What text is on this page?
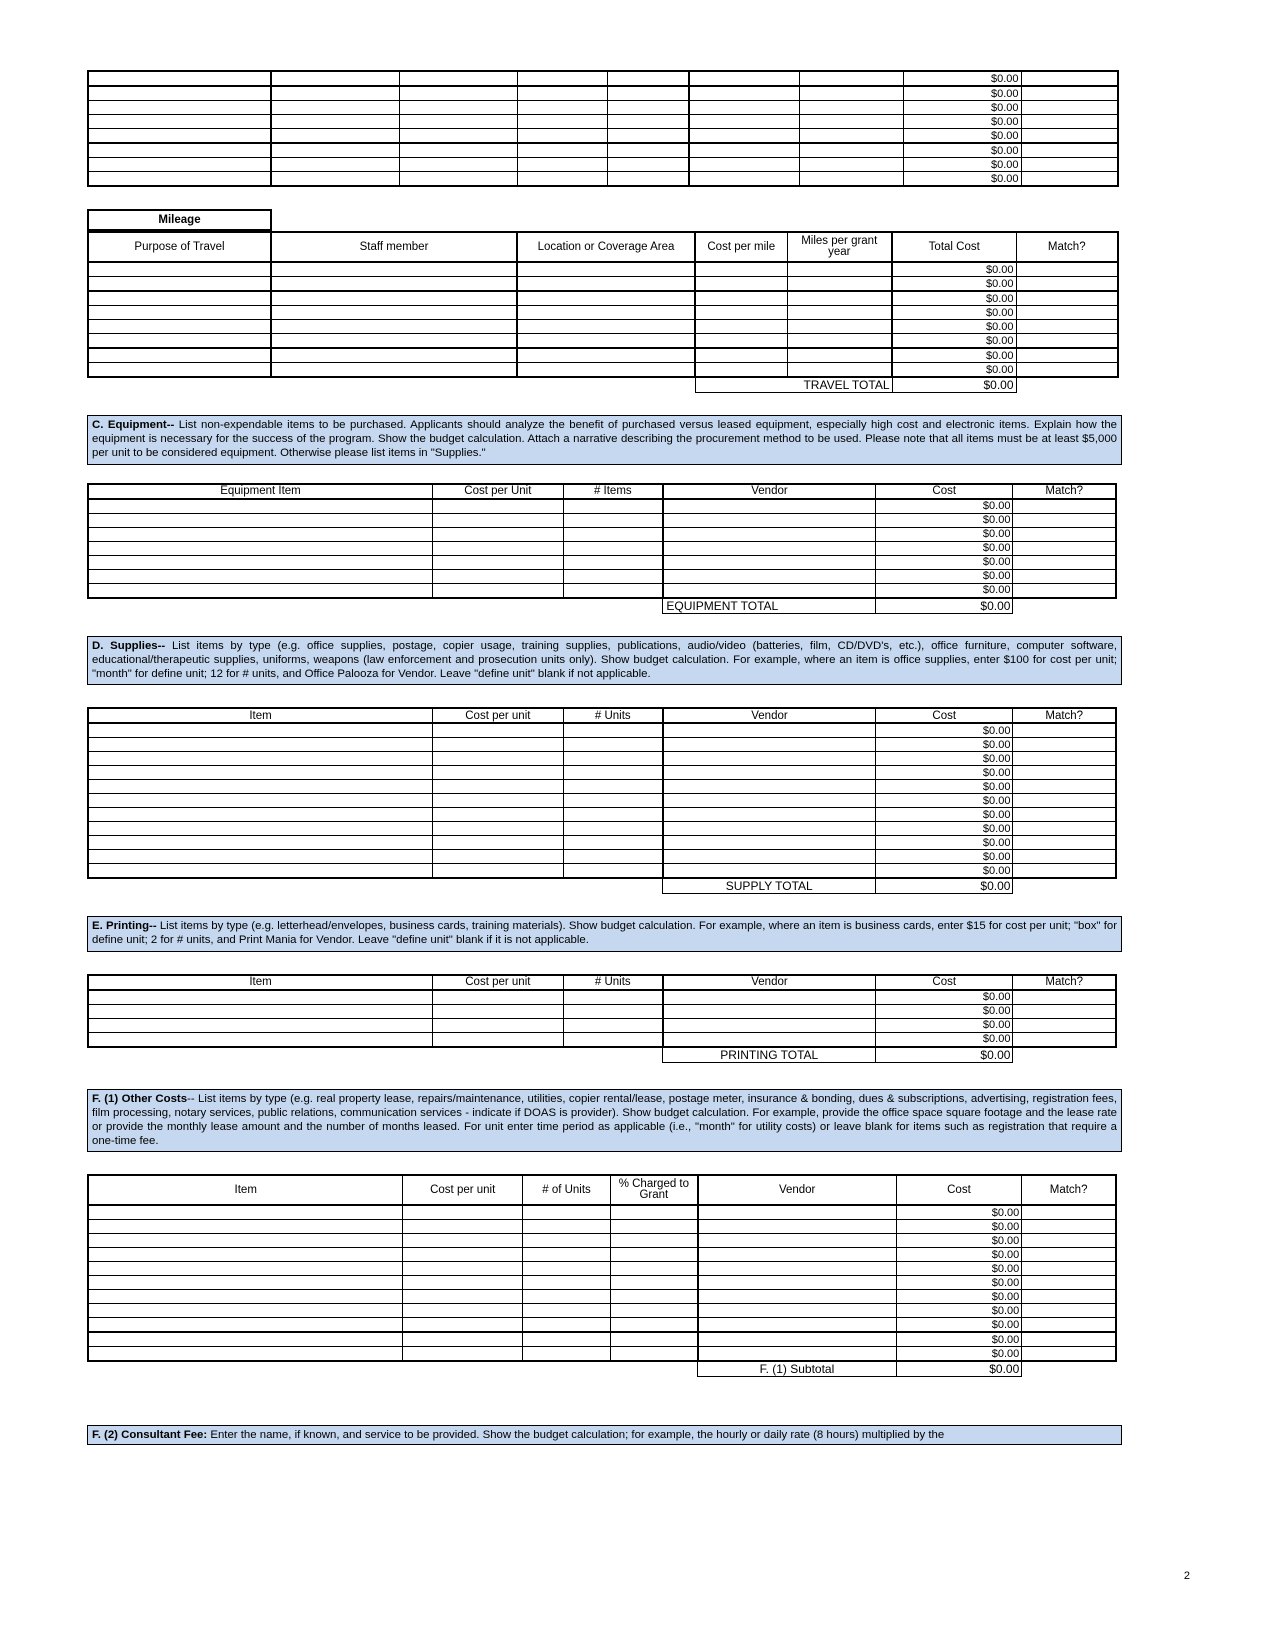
							$0.00	
							$0.00	
							$0.00	
							$0.00	
							$0.00	
							$0.00	
							$0.00	
							$0.00	
Mileage
Purpose of Travel	Staff member	Location or Coverage Area	Cost per mile	Miles per grant year	Total Cost	Match?
					$0.00	
					$0.00	
					$0.00	
					$0.00	
					$0.00	
					$0.00	
					$0.00	
					$0.00	
			TRAVEL TOTAL		$0.00	
C. Equipment-- List non-expendable items to be purchased. Applicants should analyze the benefit of purchased versus leased equipment, especially high cost and electronic items. Explain how the equipment is necessary for the success of the program. Show the budget calculation. Attach a narrative describing the procurement method to be used. Please note that all items must be at least $5,000 per unit to be considered equipment. Otherwise please list items in "Supplies."
Equipment Item	Cost per Unit	# Items	Vendor	Cost	Match?
				$0.00	
				$0.00	
				$0.00	
				$0.00	
				$0.00	
				$0.00	
				$0.00	
			EQUIPMENT TOTAL	$0.00	
D. Supplies-- List items by type (e.g. office supplies, postage, copier usage, training supplies, publications, audio/video (batteries, film, CD/DVD's, etc.), office furniture, computer software, educational/therapeutic supplies, uniforms, weapons (law enforcement and prosecution units only). Show budget calculation. For example, where an item is office supplies, enter $100 for cost per unit; "month" for define unit; 12 for # units, and Office Palooza for Vendor. Leave "define unit" blank if not applicable.
Item	Cost per unit	# Units	Vendor	Cost	Match?
				$0.00	
				$0.00	
				$0.00	
				$0.00	
				$0.00	
				$0.00	
				$0.00	
				$0.00	
				$0.00	
				$0.00	
				$0.00	
			SUPPLY TOTAL	$0.00	
E. Printing-- List items by type (e.g. letterhead/envelopes, business cards, training materials). Show budget calculation. For example, where an item is business cards, enter $15 for cost per unit; "box" for define unit; 2 for # units, and Print Mania for Vendor. Leave "define unit" blank if it is not applicable.
Item	Cost per unit	# Units	Vendor	Cost	Match?
				$0.00	
				$0.00	
				$0.00	
				$0.00	
			PRINTING TOTAL	$0.00	
F. (1) Other Costs-- List items by type (e.g. real property lease, repairs/maintenance, utilities, copier rental/lease, postage meter, insurance & bonding, dues & subscriptions, advertising, registration fees, film processing, notary services, public relations, communication services - indicate if DOAS is provider). Show budget calculation. For example, provide the office space square footage and the lease rate or provide the monthly lease amount and the number of months leased. For unit enter time period as applicable (i.e., "month" for utility costs) or leave blank for items such as registration that require a one-time fee.
Item	Cost per unit	# of Units	% Charged to Grant	Vendor	Cost	Match?
					$0.00	
					$0.00	
					$0.00	
					$0.00	
					$0.00	
					$0.00	
					$0.00	
					$0.00	
					$0.00	
					$0.00	
					$0.00	
				F. (1) Subtotal	$0.00	
F. (2) Consultant Fee: Enter the name, if known, and service to be provided. Show the budget calculation; for example, the hourly or daily rate (8 hours) multiplied by the
2
